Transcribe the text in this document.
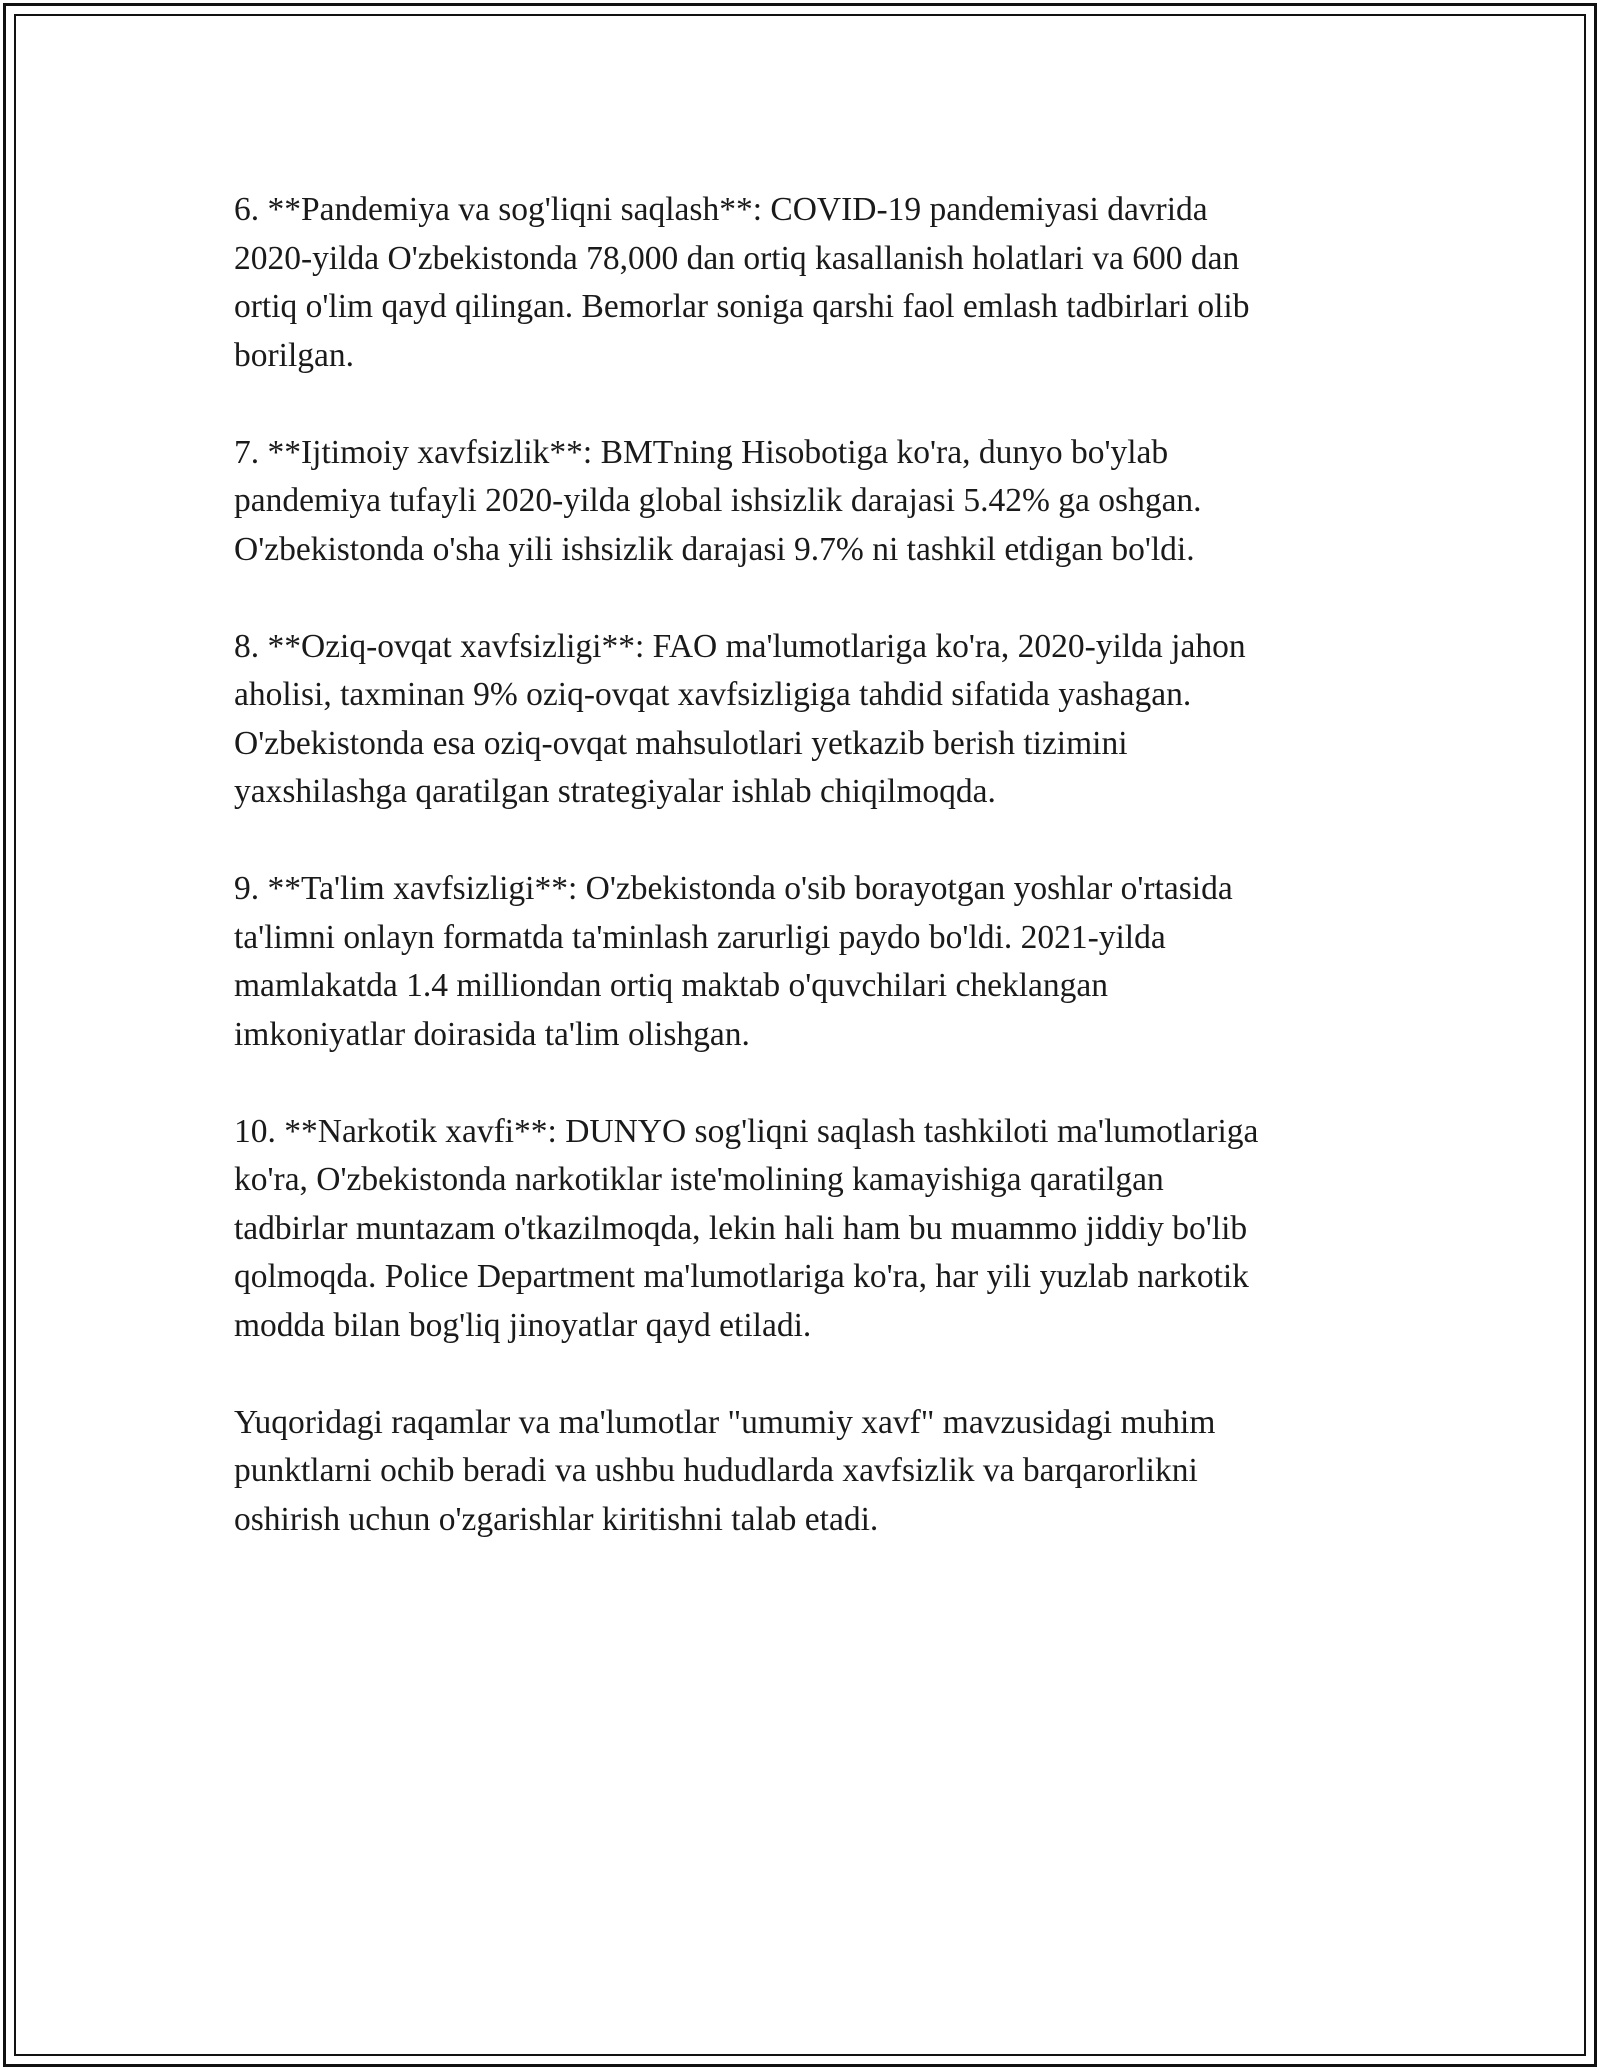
6. **Pandemiya va sog'liqni saqlash**: COVID-19 pandemiyasi davrida
2020-yilda O'zbekistonda 78,000 dan ortiq kasallanish holatlari va 600 dan
ortiq o'lim qayd qilingan. Bemorlar soniga qarshi faol emlash tadbirlari olib
borilgan.

7. **Ijtimoiy xavfsizlik**: BMTning Hisobotiga ko'ra, dunyo bo'ylab
pandemiya tufayli 2020-yilda global ishsizlik darajasi 5.42% ga oshgan.
O'zbekistonda o'sha yili ishsizlik darajasi 9.7% ni tashkil etdigan bo'ldi.

8. **Oziq-ovqat xavfsizligi**: FAO ma'lumotlariga ko'ra, 2020-yilda jahon
aholisi, taxminan 9% oziq-ovqat xavfsizligiga tahdid sifatida yashagan.
O'zbekistonda esa oziq-ovqat mahsulotlari yetkazib berish tizimini
yaxshilashga qaratilgan strategiyalar ishlab chiqilmoqda.

9. **Ta'lim xavfsizligi**: O'zbekistonda o'sib borayotgan yoshlar o'rtasida
ta'limni onlayn formatda ta'minlash zarurligi paydo bo'ldi. 2021-yilda
mamlakatda 1.4 milliondan ortiq maktab o'quvchilari cheklangan
imkoniyatlar doirasida ta'lim olishgan.

10. **Narkotik xavfi**: DUNYO sog'liqni saqlash tashkiloti ma'lumotlariga
ko'ra, O'zbekistonda narkotiklar iste'molining kamayishiga qaratilgan
tadbirlar muntazam o'tkazilmoqda, lekin hali ham bu muammo jiddiy bo'lib
qolmoqda. Police Department ma'lumotlariga ko'ra, har yili yuzlab narkotik
modda bilan bog'liq jinoyatlar qayd etiladi.

Yuqoridagi raqamlar va ma'lumotlar "umumiy xavf" mavzusidagi muhim
punktlarni ochib beradi va ushbu hududlarda xavfsizlik va barqarorlikni
oshirish uchun o'zgarishlar kiritishni talab etadi.
